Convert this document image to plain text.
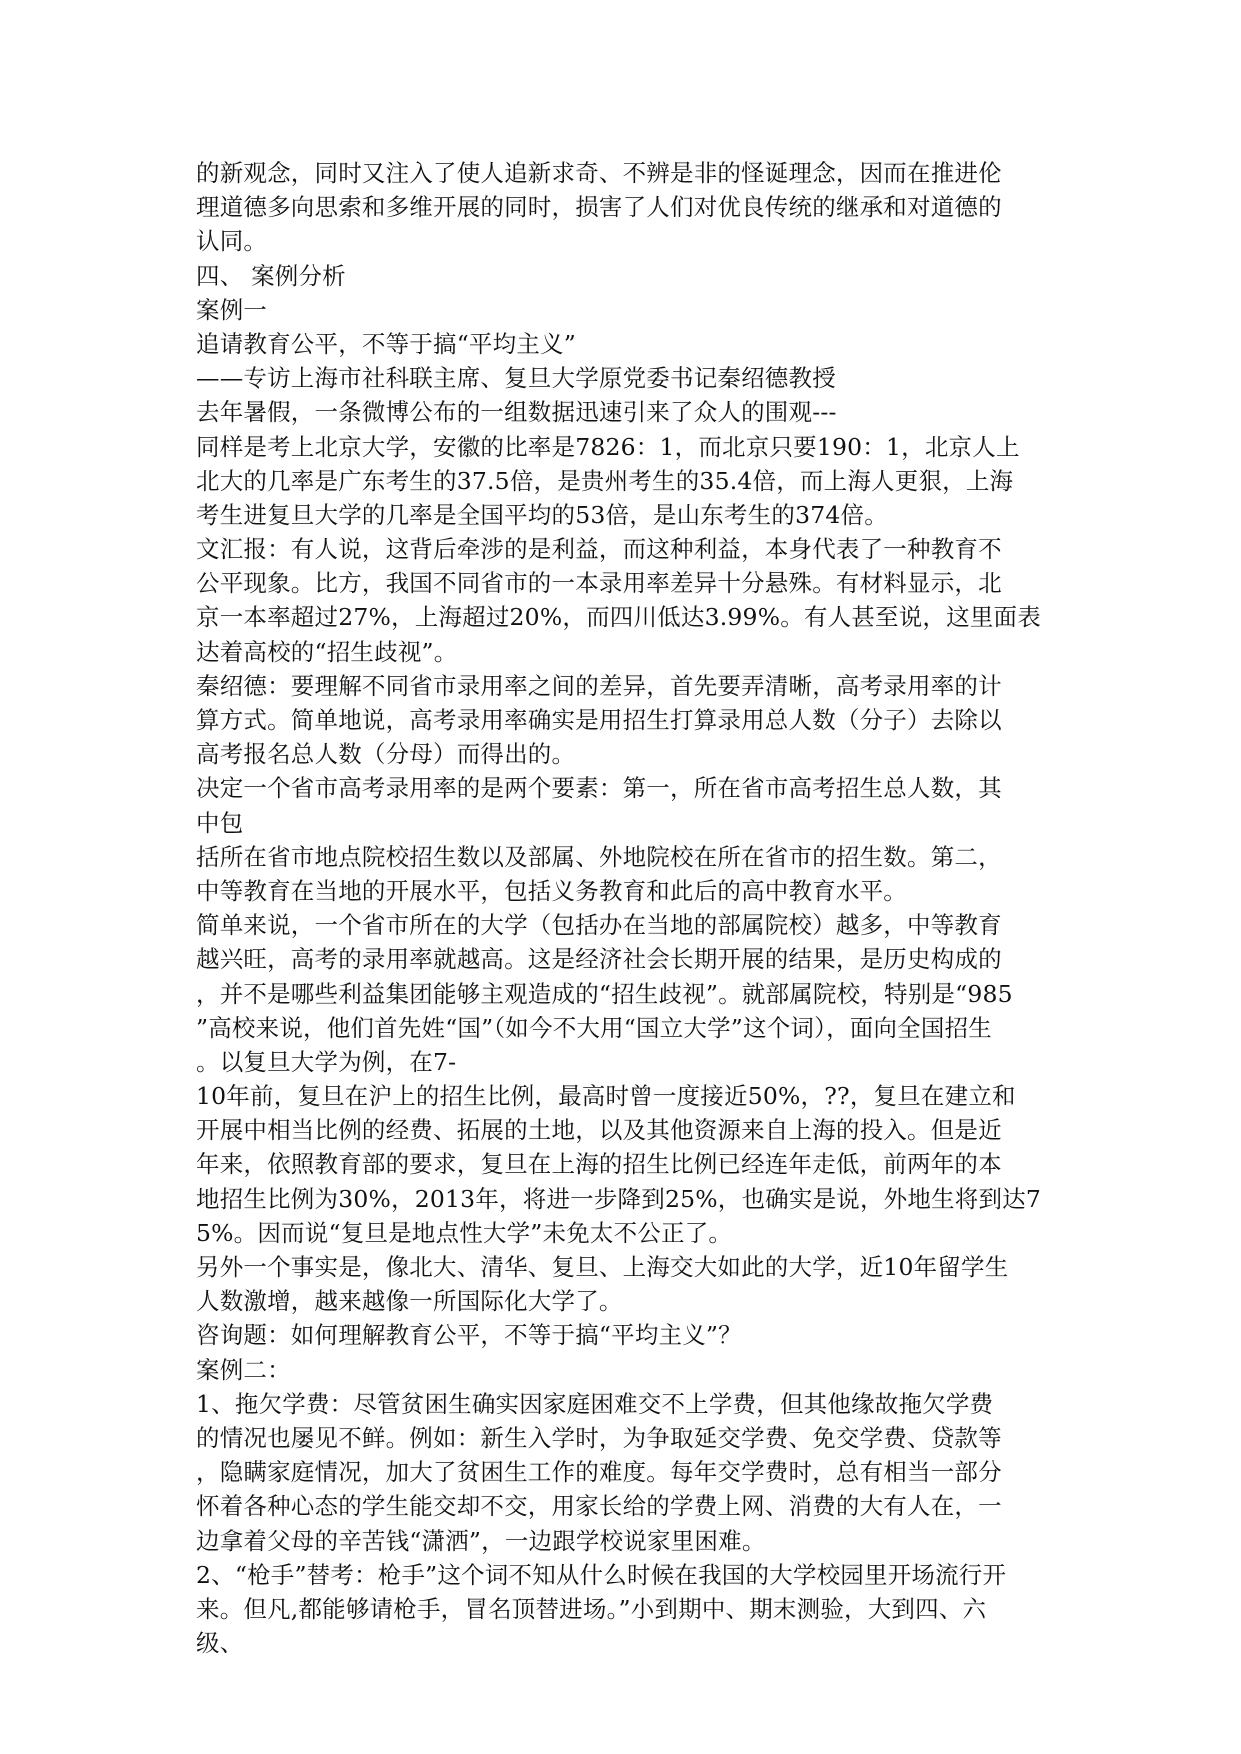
的新观念，同时又注入了使人追新求奇、不辨是非的怪诞理念，因而在推进伦
理道德多向思索和多维开展的同时，损害了人们对优良传统的继承和对道德的
认同。
四、 案例分析
案例一
追请教育公平，不等于搞“平均主义”
——专访上海市社科联主席、复旦大学原党委书记秦绍德教授
去年暑假，一条微博公布的一组数据迅速引来了众人的围观---
同样是考上北京大学，安徽的比率是7826：1，而北京只要190：1，北京人上
北大的几率是广东考生的37.5倍，是贵州考生的35.4倍，而上海人更狠，上海
考生进复旦大学的几率是全国平均的53倍，是山东考生的374倍。
文汇报：有人说，这背后牵涉的是利益，而这种利益，本身代表了一种教育不
公平现象。比方，我国不同省市的一本录用率差异十分悬殊。有材料显示，北
京一本率超过27%，上海超过20%，而四川低达3.99%。有人甚至说，这里面表
达着高校的“招生歧视”。
秦绍德：要理解不同省市录用率之间的差异，首先要弄清晰，高考录用率的计
算方式。简单地说，高考录用率确实是用招生打算录用总人数（分子）去除以
高考报名总人数（分母）而得出的。
决定一个省市高考录用率的是两个要素：第一，所在省市高考招生总人数，其
中包
括所在省市地点院校招生数以及部属、外地院校在所在省市的招生数。第二，
中等教育在当地的开展水平，包括义务教育和此后的高中教育水平。
简单来说，一个省市所在的大学（包括办在当地的部属院校）越多，中等教育
越兴旺，高考的录用率就越高。这是经济社会长期开展的结果，是历史构成的
，并不是哪些利益集团能够主观造成的“招生歧视”。就部属院校，特别是“985
”高校来说，他们首先姓“国”（如今不大用“国立大学”这个词），面向全国招生
。以复旦大学为例，在7-
10年前，复旦在沪上的招生比例，最高时曾一度接近50%，??，复旦在建立和
开展中相当比例的经费、拓展的土地，以及其他资源来自上海的投入。但是近
年来，依照教育部的要求，复旦在上海的招生比例已经连年走低，前两年的本
地招生比例为30%，2013年，将进一步降到25%，也确实是说，外地生将到达7
5%。因而说“复旦是地点性大学”未免太不公正了。
另外一个事实是，像北大、清华、复旦、上海交大如此的大学，近10年留学生
人数激增，越来越像一所国际化大学了。
咨询题：如何理解教育公平，不等于搞“平均主义”？
案例二：
1、拖欠学费：尽管贫困生确实因家庭困难交不上学费，但其他缘故拖欠学费
的情况也屡见不鲜。例如：新生入学时，为争取延交学费、免交学费、贷款等
，隐瞒家庭情况，加大了贫困生工作的难度。每年交学费时，总有相当一部分
怀着各种心态的学生能交却不交，用家长给的学费上网、消费的大有人在，一
边拿着父母的辛苦钱“潇洒”，一边跟学校说家里困难。
2、“枪手”替考：枪手”这个词不知从什么时候在我国的大学校园里开场流行开
来。但凡,都能够请枪手，冒名顶替进场。”小到期中、期末测验，大到四、六
级、
